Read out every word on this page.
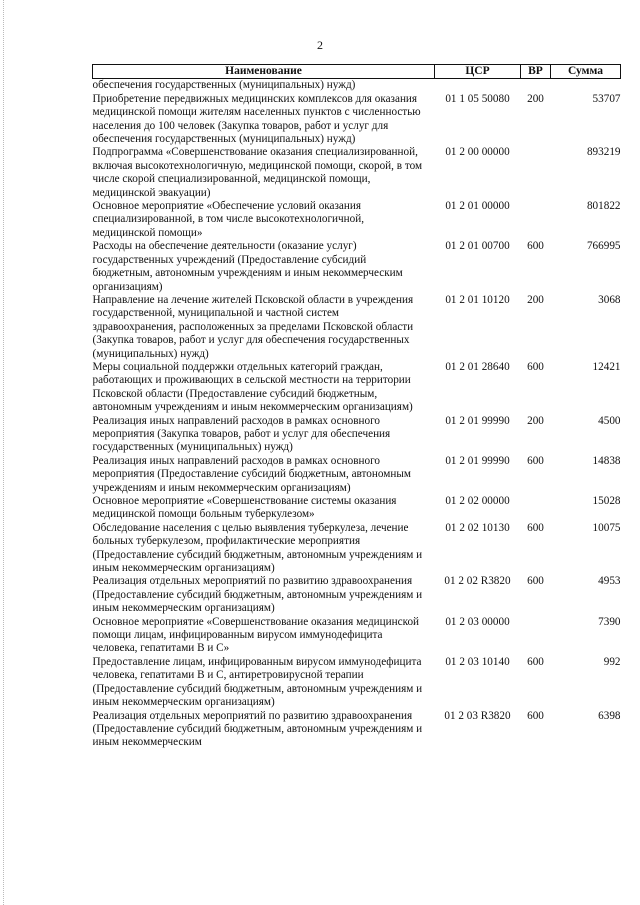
2
Наименование	ЦСР	ВР	Сумма
обеспечения государственных (муниципальных) нужд)			
Приобретение передвижных медицинских комплексов для оказания медицинской помощи жителям населенных пунктов с численностью населения до 100 человек (Закупка товаров, работ и услуг для обеспечения государственных (муниципальных) нужд)	01 1 05 50080	200	53707
Подпрограмма «Совершенствование оказания специализированной, включая высокотехнологичную, медицинской помощи, скорой, в том числе скорой специализированной, медицинской помощи, медицинской эвакуации)	01 2 00 00000		893219
Основное мероприятие «Обеспечение условий оказания специализированной, в том числе высокотехнологичной, медицинской помощи»	01 2 01 00000		801822
Расходы на обеспечение деятельности (оказание услуг) государственных учреждений (Предоставление субсидий бюджетным, автономным учреждениям и иным некоммерческим организациям)	01 2 01 00700	600	766995
Направление на лечение жителей Псковской области в учреждения государственной, муниципальной и частной систем здравоохранения, расположенных за пределами Псковской области (Закупка товаров, работ и услуг для обеспечения государственных (муниципальных) нужд)	01 2 01 10120	200	3068
Меры социальной поддержки отдельных категорий граждан, работающих и проживающих в сельской местности на территории Псковской области (Предоставление субсидий бюджетным, автономным учреждениям и иным некоммерческим организациям)	01 2 01 28640	600	12421
Реализация иных направлений расходов в рамках основного мероприятия (Закупка товаров, работ и услуг для обеспечения государственных (муниципальных) нужд)	01 2 01 99990	200	4500
Реализация иных направлений расходов в рамках основного мероприятия (Предоставление субсидий бюджетным, автономным учреждениям и иным некоммерческим организациям)	01 2 01 99990	600	14838
Основное мероприятие «Совершенствование системы оказания медицинской помощи больным туберкулезом»	01 2 02 00000		15028
Обследование населения с целью выявления туберкулеза, лечение больных туберкулезом, профилактические мероприятия (Предоставление субсидий бюджетным, автономным учреждениям и иным некоммерческим организациям)	01 2 02 10130	600	10075
Реализация отдельных мероприятий по развитию здравоохранения (Предоставление субсидий бюджетным, автономным учреждениям и иным некоммерческим организациям)	01 2 02 R3820	600	4953
Основное мероприятие «Совершенствование оказания медицинской помощи лицам, инфицированным вирусом иммунодефицита человека, гепатитами В и С»	01 2 03 00000		7390
Предоставление лицам, инфицированным вирусом иммунодефицита человека, гепатитами В и С, антиретровирусной терапии (Предоставление субсидий бюджетным, автономным учреждениям и иным некоммерческим организациям)	01 2 03 10140	600	992
Реализация отдельных мероприятий по развитию здравоохранения (Предоставление субсидий бюджетным, автономным учреждениям и иным некоммерческим	01 2 03 R3820	600	6398
